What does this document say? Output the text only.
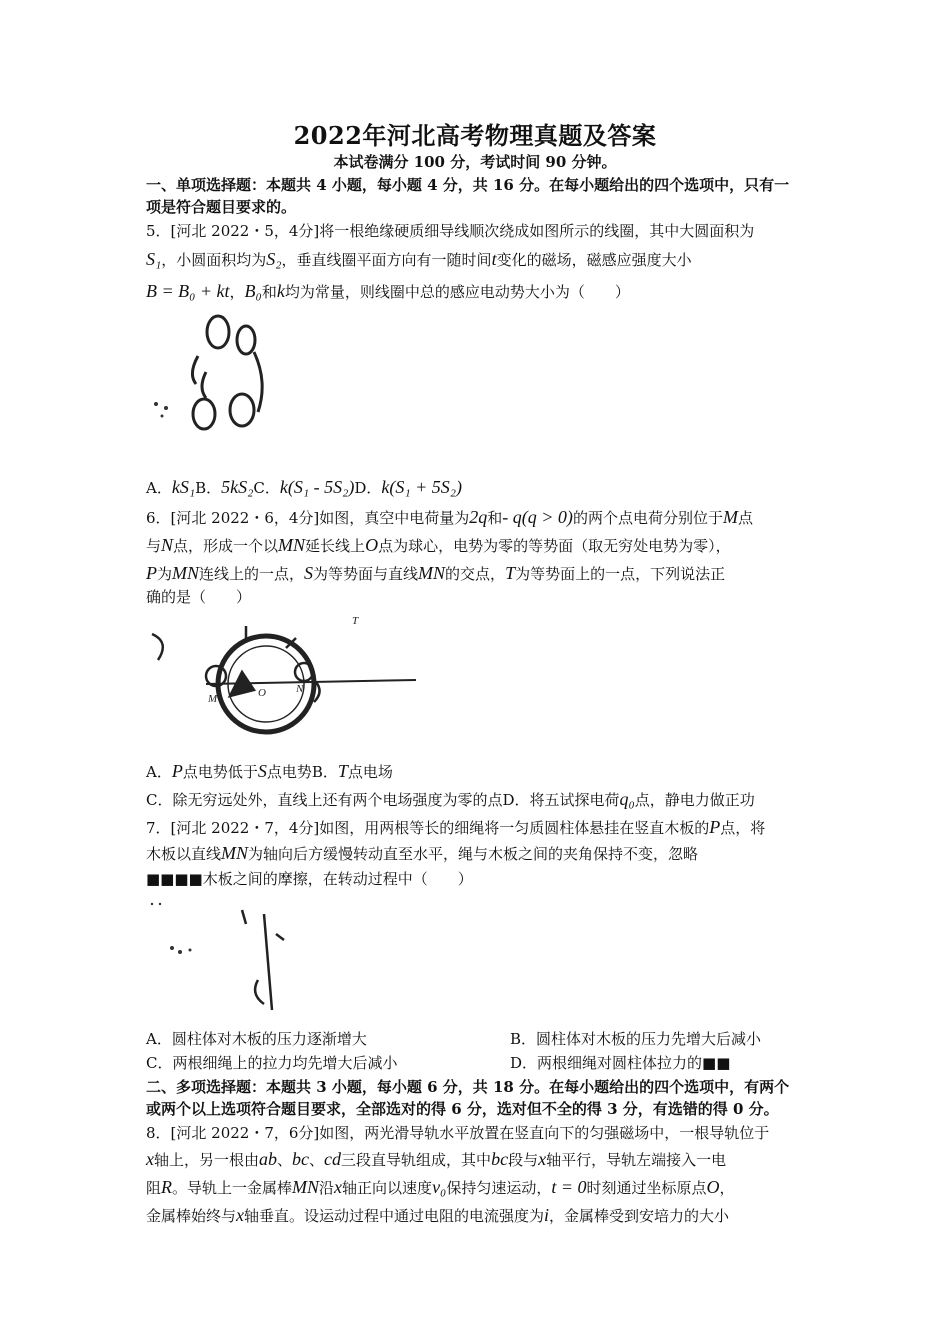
2022年河北高考物理真题及答案
本试卷满分 100 分，考试时间 90 分钟。
一、单项选择题：本题共 4 小题，每小题 4 分，共 16 分。在每小题给出的四个选项中，只有一
项是符合题目要求的。
5．[河北 2022・5，4分]将一根绝缘硬质细导线顺次绕成如图所示的线圈，其中大圆面积为
S₁，小圆面积均为S₂，垂直线圈平面方向有一随时间t变化的磁场，磁感应强度大小
B = B₀ + kt，B₀和k均为常量，则线圈中总的感应电动势大小为（　　）
A．kS₁B．5kS₂C．k(S₁ - 5S₂)D．k(S₁ + 5S₂)
6．[河北 2022・6，4分]如图，真空中电荷量为2q和- q(q > 0)的两个点电荷分别位于M点
与N点，形成一个以MN延长线上O点为球心，电势为零的等势面（取无穷处电势为零），
P为MN连线上的一点，S为等势面与直线MN的交点，T为等势面上的一点，下列说法正
确的是（　　）
M
N
O
T
A．P点电势低于S点电势B．T点电场
C．除无穷远处外，直线上还有两个电场强度为零的点D．将五试探电荷q₀点，静电力做正功
7．[河北 2022・7，4分]如图，用两根等长的细绳将一匀质圆柱体悬挂在竖直木板的P点，将
木板以直线MN为轴向后方缓慢转动直至水平，绳与木板之间的夹角保持不变，忽略
■■■■木板之间的摩擦，在转动过程中（　　）
A．圆柱体对木板的压力逐渐增大	B．圆柱体对木板的压力先增大后减小
C．两根细绳上的拉力均先增大后减小	D．两根细绳对圆柱体拉力的■■
二、多项选择题：本题共 3 小题，每小题 6 分，共 18 分。在每小题给出的四个选项中，有两个
或两个以上选项符合题目要求，全部选对的得 6 分，选对但不全的得 3 分，有选错的得 0 分。
8．[河北 2022・7，6分]如图，两光滑导轨水平放置在竖直向下的匀强磁场中，一根导轨位于
x轴上，另一根由ab、bc、cd三段直导轨组成，其中bc段与x轴平行，导轨左端接入一电
阻R。导轨上一金属棒MN沿x轴正向以速度v₀保持匀速运动，t = 0时刻通过坐标原点O，
金属棒始终与x轴垂直。设运动过程中通过电阻的电流强度为i，金属棒受到安培力的大小
